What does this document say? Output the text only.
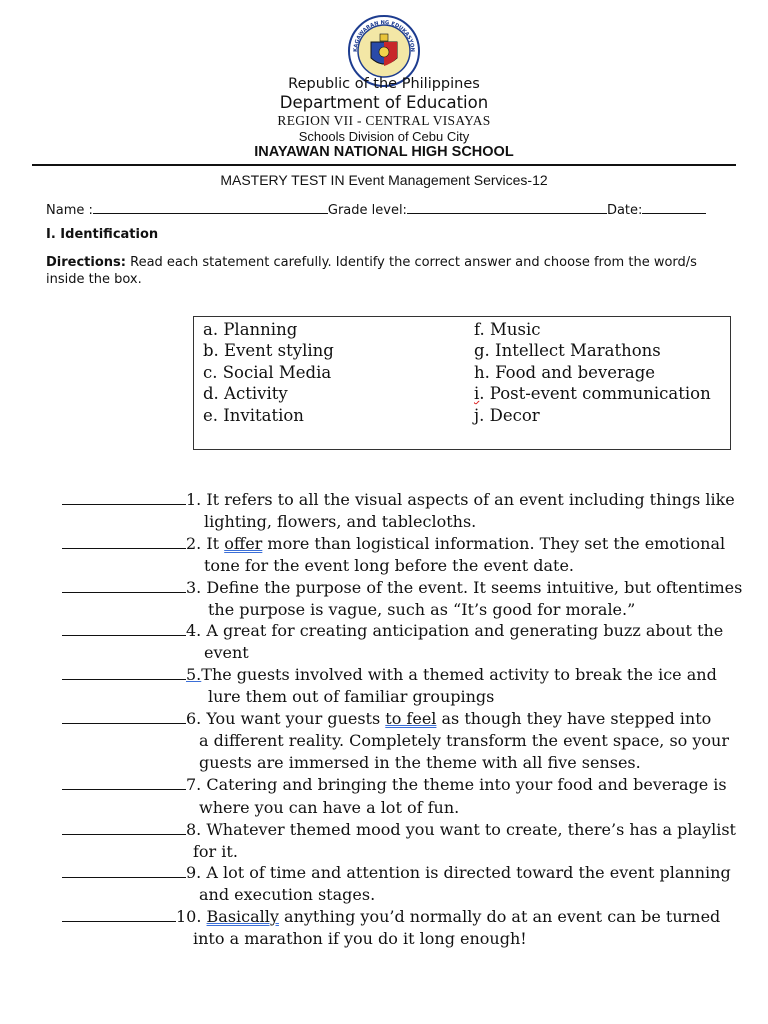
KAGAWARAN NG EDUKASYON
Republic of the Philippines
Department of Education
REGION VII - CENTRAL VISAYAS
Schools Division of Cebu City
INAYAWAN NATIONAL HIGH SCHOOL
MASTERY TEST IN Event Management Services-12
Name :	Grade level:	Date:
I. Identification
Directions: Read each statement carefully. Identify the correct answer and choose from the word/s inside the box.
a. Planning
b. Event styling
c. Social Media
d. Activity
e. Invitation
f. Music
g. Intellect Marathons
h. Food and beverage
i. Post-event communication
j. Decor
1. It refers to all the visual aspects of an event including things like
lighting, flowers, and tablecloths.
2. It offer more than logistical information. They set the emotional
tone for the event long before the event date.
3. Define the purpose of the event. It seems intuitive, but oftentimes
the purpose is vague, such as “It’s good for morale.”
4. A great for creating anticipation and generating buzz about the
event
5.The guests involved with a themed activity to break the ice and
lure them out of familiar groupings
6. You want your guests to feel as though they have stepped into
a different reality. Completely transform the event space, so your
guests are immersed in the theme with all five senses.
7. Catering and bringing the theme into your food and beverage is
where you can have a lot of fun.
8. Whatever themed mood you want to create, there’s has a playlist
for it.
9. A lot of time and attention is directed toward the event planning
and execution stages.
10. Basically anything you’d normally do at an event can be turned
into a marathon if you do it long enough!
